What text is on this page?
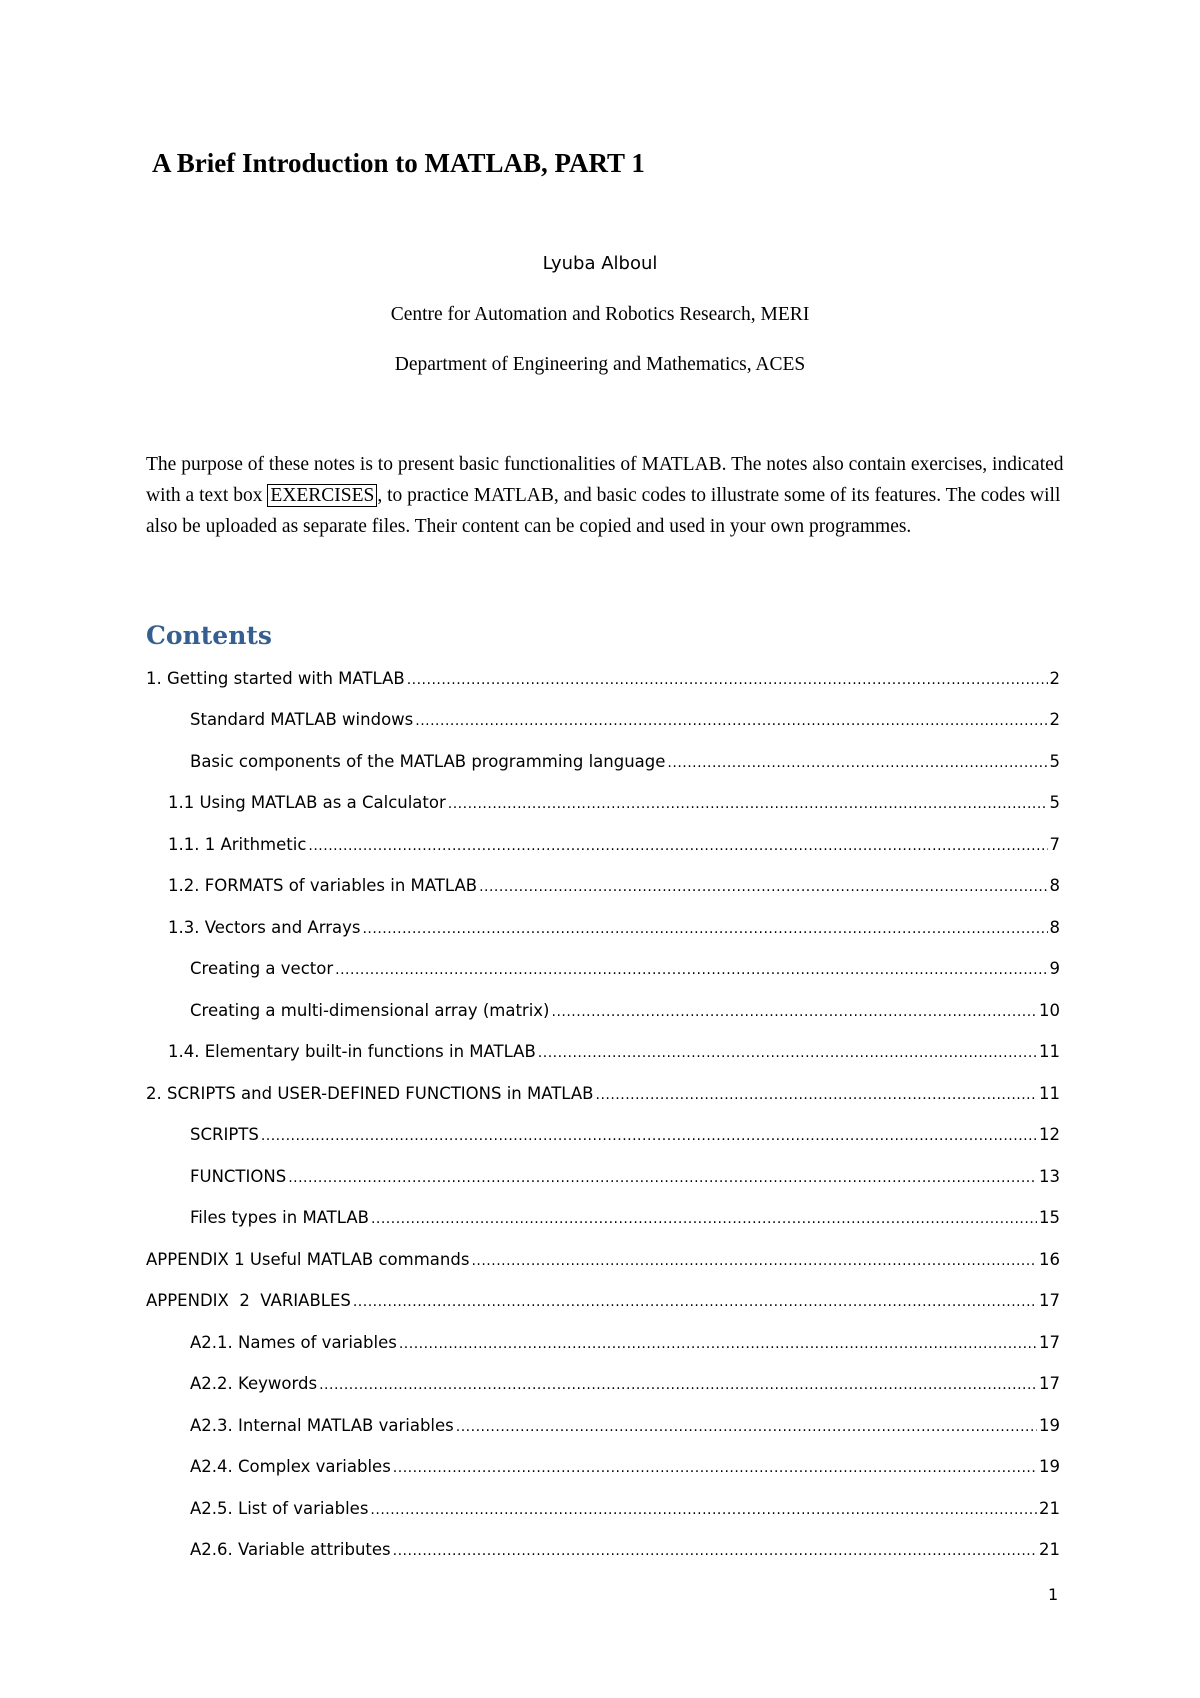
A Brief Introduction to MATLAB, PART 1

Lyuba Alboul

Centre for Automation and Robotics Research, MERI

Department of Engineering and Mathematics, ACES

The purpose of these notes is to present basic functionalities of MATLAB. The notes also contain exercises, indicated with a text box EXERCISES , to practice MATLAB, and basic codes to illustrate some of its features. The codes will also be uploaded as separate files. Their content can be copied and used in your own programmes.

Contents
1. Getting started with MATLAB .....	2
Standard MATLAB windows .....	2
Basic components of the MATLAB programming language .....	5
1.1 Using MATLAB as a Calculator .....	5
1.1. 1 Arithmetic .....	7
1.2. FORMATS of variables in MATLAB .....	8
1.3. Vectors and Arrays .....	8
Creating a vector .....	9
Creating a multi-dimensional array (matrix) .....	10
1.4. Elementary built-in functions in MATLAB .....	11
2. SCRIPTS and USER-DEFINED FUNCTIONS in MATLAB .....	11
SCRIPTS .....	12
FUNCTIONS .....	13
Files types in MATLAB .....	15
APPENDIX 1 Useful MATLAB commands .....	16
APPENDIX  2  VARIABLES .....	17
A2.1. Names of variables .....	17
A2.2. Keywords .....	17
A2.3. Internal MATLAB variables .....	19
A2.4. Complex variables .....	19
A2.5. List of variables .....	21
A2.6. Variable attributes .....	21

1
